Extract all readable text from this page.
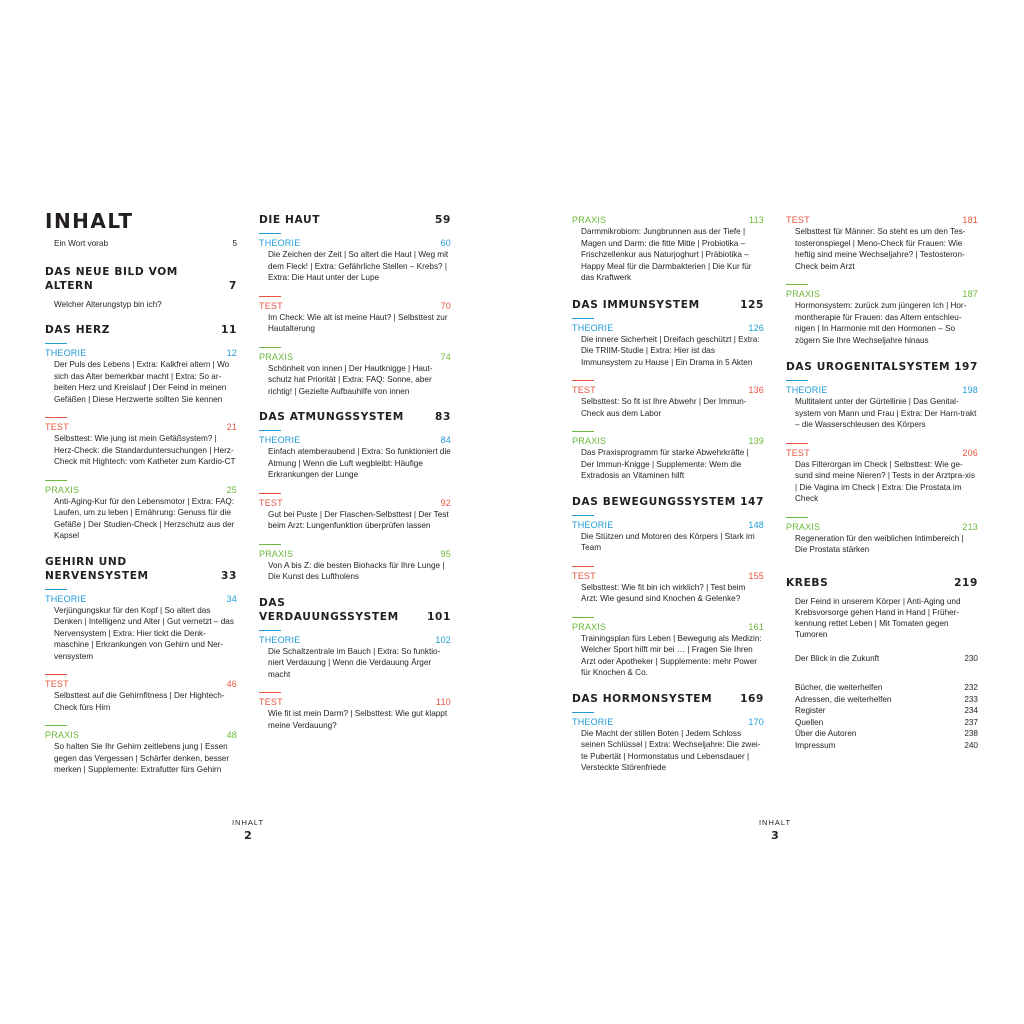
INHALT
Ein Wort vorab	5
DAS NEUE BILD VOM ALTERN	7
Welcher Alterungstyp bin ich?
DAS HERZ	11
THEORIE	12
Der Puls des Lebens | Extra: Kalkfrei altern | Wo sich das Alter bemerkbar macht | Extra: So ar-beiten Herz und Kreislauf | Der Feind in meinen Gefäßen | Diese Herzwerte sollten Sie kennen
TEST	21
Selbsttest: Wie jung ist mein Gefäßsystem? | Herz-Check: die Standarduntersuchungen | Herz-Check mit Hightech: vom Katheter zum Kardio-CT
PRAXIS	25
Anti-Aging-Kur für den Lebensmotor | Extra: FAQ: Laufen, um zu leben | Ernährung: Genuss für die Gefäße | Der Studien-Check | Herzschutz aus der Kapsel
GEHIRN UND
NERVENSYSTEM	33
THEORIE	34
Verjüngungskur für den Kopf | So altert das Denken | Intelligenz und Alter | Gut vernetzt – das Nervensystem | Extra: Hier tickt die Denk-maschine | Erkrankungen von Gehirn und Ner-vensystem
TEST	46
Selbsttest auf die Gehirnfitness | Der Hightech-Check fürs Hirn
PRAXIS	48
So halten Sie Ihr Gehirn zeitlebens jung | Essen gegen das Vergessen | Schärfer denken, besser merken | Supplemente: Extrafutter fürs Gehirn
DIE HAUT	59
THEORIE	60
Die Zeichen der Zeit | So altert die Haut | Weg mit dem Fleck! | Extra: Gefährliche Stellen – Krebs? | Extra: Die Haut unter der Lupe
TEST	70
Im Check: Wie alt ist meine Haut? | Selbsttest zur Hautalterung
PRAXIS	74
Schönheit von innen | Der Hautknigge | Haut-schutz hat Priorität | Extra: FAQ: Sonne, aber richtig! | Gezielte Aufbauhilfe von innen
DAS ATMUNGSSYSTEM	83
THEORIE	84
Einfach atemberaubend | Extra: So funktioniert die Atmung | Wenn die Luft wegbleibt: Häufige Erkrankungen der Lunge
TEST	92
Gut bei Puste | Der Flaschen-Selbsttest | Der Test beim Arzt: Lungenfunktion überprüfen lassen
PRAXIS	95
Von A bis Z: die besten Biohacks für Ihre Lunge | Die Kunst des Luftholens
DAS VERDAUUNGSSYSTEM	101
THEORIE	102
Die Schaltzentrale im Bauch | Extra: So funktio-niert Verdauung | Wenn die Verdauung Ärger macht
TEST	110
Wie fit ist mein Darm? | Selbsttest: Wie gut klappt meine Verdauung?
PRAXIS	113
Darmmikrobiom: Jungbrunnen aus der Tiefe | Magen und Darm: die fitte Mitte | Probiotika – Frischzellenkur aus Naturjoghurt | Präbiotika – Happy Meal für die Darmbakterien | Die Kur für das Kraftwerk
DAS IMMUNSYSTEM	125
THEORIE	126
Die innere Sicherheit | Dreifach geschützt | Extra: Die TRIIM-Studie | Extra: Hier ist das Immunsystem zu Hause | Ein Drama in 5 Akten
TEST	136
Selbsttest: So fit ist Ihre Abwehr | Der Immun-Check aus dem Labor
PRAXIS	139
Das Praxisprogramm für starke Abwehrkräfte | Der Immun-Knigge | Supplemente: Wem die Extradosis an Vitaminen hilft
DAS BEWEGUNGSSYSTEM 147
THEORIE	148
Die Stützen und Motoren des Körpers | Stark im Team
TEST	155
Selbsttest: Wie fit bin ich wirklich? | Test beim Arzt: Wie gesund sind Knochen & Gelenke?
PRAXIS	161
Trainingsplan fürs Leben | Bewegung als Medizin: Welcher Sport hilft mir bei … | Fragen Sie Ihren Arzt oder Apotheker | Supplemente: mehr Power für Knochen & Co.
DAS HORMONSYSTEM	169
THEORIE	170
Die Macht der stillen Boten | Jedem Schloss seinen Schlüssel | Extra: Wechseljahre: Die zwei-te Pubertät | Hormonstatus und Lebensdauer | Versteckte Störenfriede
TEST	181
Selbsttest für Männer: So steht es um den Tes-tosteronspiegel | Meno-Check für Frauen: Wie heftig sind meine Wechseljahre? | Testosteron-Check beim Arzt
PRAXIS	187
Hormonsystem: zurück zum jüngeren Ich | Hor-montherapie für Frauen: das Altern entschleu-nigen | In Harmonie mit den Hormonen – So zögern Sie Ihre Wechseljahre hinaus
DAS UROGENITALSYSTEM 197
THEORIE	198
Multitalent unter der Gürtellinie | Das Genital-system von Mann und Frau | Extra: Der Harn-trakt – die Wasserschleusen des Körpers
TEST	206
Das Filterorgan im Check | Selbsttest: Wie ge-sund sind meine Nieren? | Tests in der Arztpra-xis | Die Vagina im Check | Extra: Die Prostata im Check
PRAXIS	213
Regeneration für den weiblichen Intimbereich | Die Prostata stärken
KREBS	219
Der Feind in unserem Körper | Anti-Aging und Krebsvorsorge gehen Hand in Hand | Früher-kennung rettet Leben | Mit Tomaten gegen Tumoren
Der Blick in die Zukunft	230
Bücher, die weiterhelfen	232
Adressen, die weiterhelfen	233
Register	234
Quellen	237
Über die Autoren	238
Impressum	240
INHALT
2
INHALT
3
